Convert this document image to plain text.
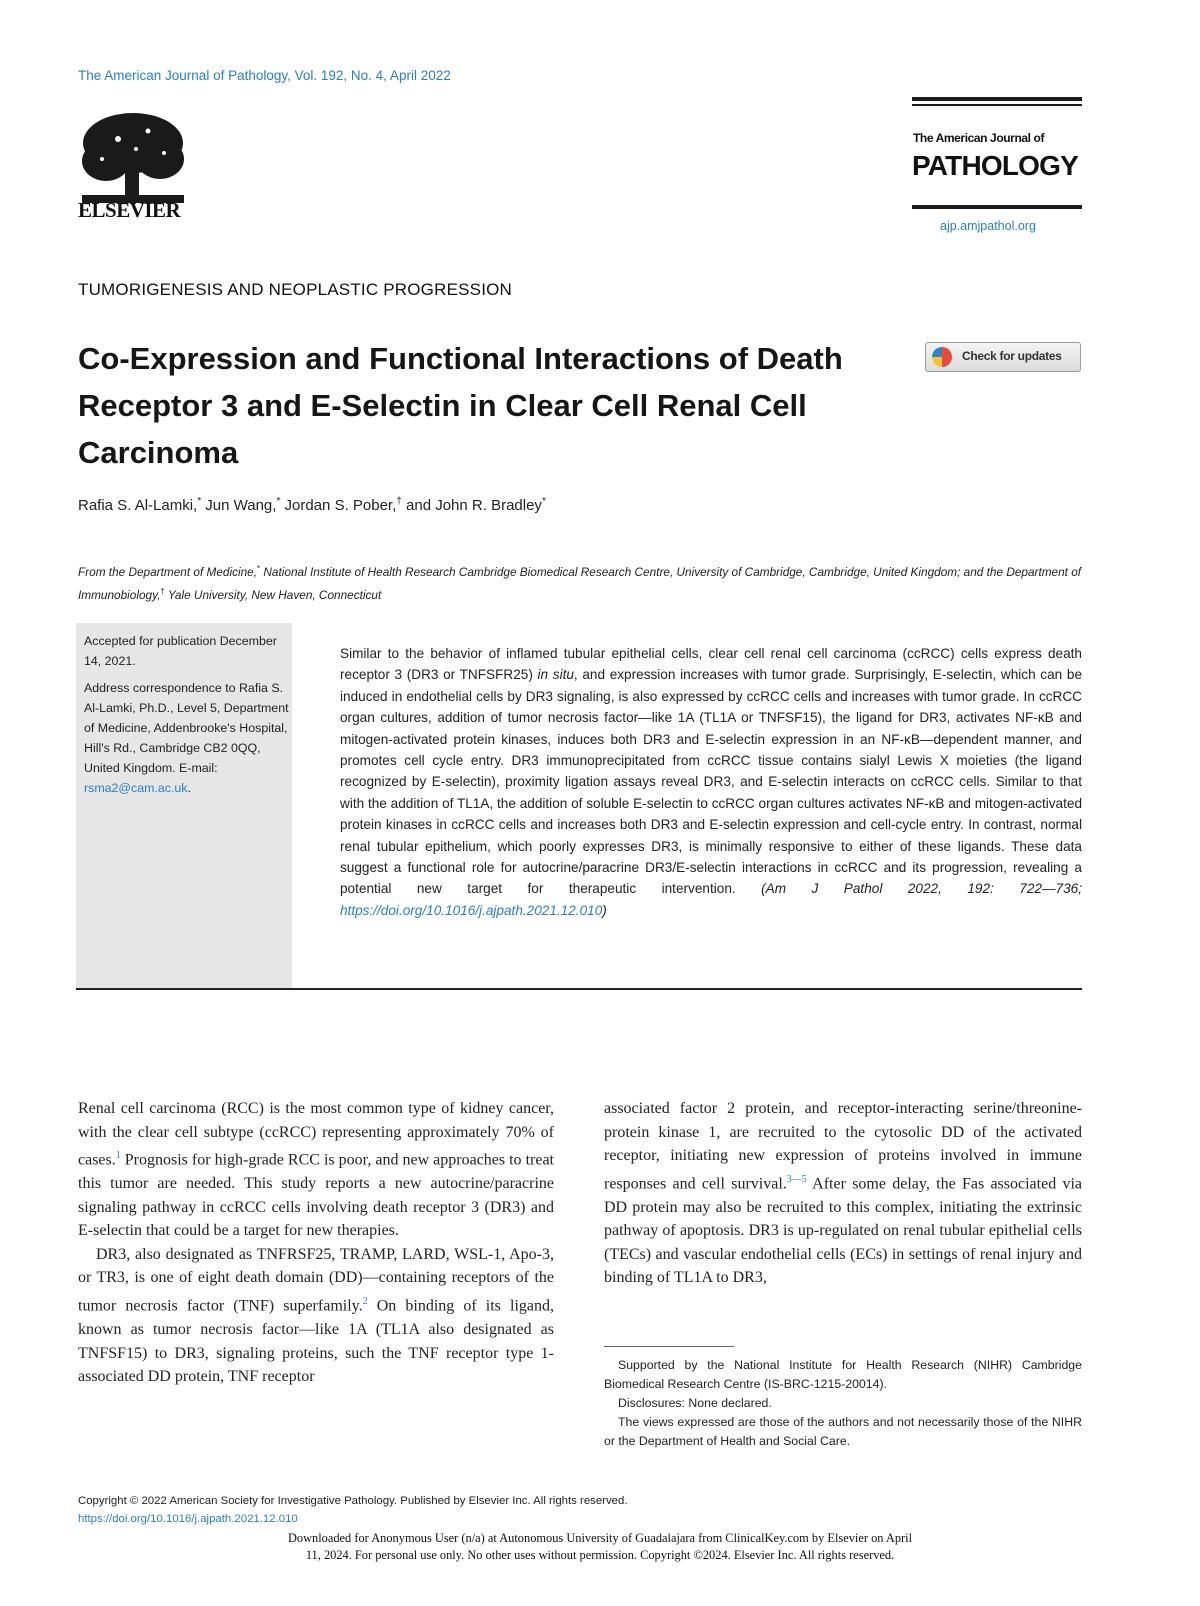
The American Journal of Pathology, Vol. 192, No. 4, April 2022
ELSEVIER
The American Journal of
PATHOLOGY
ajp.amjpathol.org
TUMORIGENESIS AND NEOPLASTIC PROGRESSION
Co-Expression and Functional Interactions of Death Receptor 3 and E-Selectin in Clear Cell Renal Cell Carcinoma
Check for updates
Rafia S. Al-Lamki,* Jun Wang,* Jordan S. Pober,† and John R. Bradley*
From the Department of Medicine,* National Institute of Health Research Cambridge Biomedical Research Centre, University of Cambridge, Cambridge, United Kingdom; and the Department of Immunobiology,† Yale University, New Haven, Connecticut
Accepted for publication December 14, 2021.
Address correspondence to Rafia S. Al-Lamki, Ph.D., Level 5, Department of Medicine, Addenbrooke's Hospital, Hill's Rd., Cambridge CB2 0QQ, United Kingdom. E-mail: rsma2@cam.ac.uk.
Similar to the behavior of inflamed tubular epithelial cells, clear cell renal cell carcinoma (ccRCC) cells express death receptor 3 (DR3 or TNFSFR25) in situ, and expression increases with tumor grade. Surprisingly, E-selectin, which can be induced in endothelial cells by DR3 signaling, is also expressed by ccRCC cells and increases with tumor grade. In ccRCC organ cultures, addition of tumor necrosis factor—like 1A (TL1A or TNFSF15), the ligand for DR3, activates NF-κB and mitogen-activated protein kinases, induces both DR3 and E-selectin expression in an NF-κB—dependent manner, and promotes cell cycle entry. DR3 immunoprecipitated from ccRCC tissue contains sialyl Lewis X moieties (the ligand recognized by E-selectin), proximity ligation assays reveal DR3, and E-selectin interacts on ccRCC cells. Similar to that with the addition of TL1A, the addition of soluble E-selectin to ccRCC organ cultures activates NF-κB and mitogen-activated protein kinases in ccRCC cells and increases both DR3 and E-selectin expression and cell-cycle entry. In contrast, normal renal tubular epithelium, which poorly expresses DR3, is minimally responsive to either of these ligands. These data suggest a functional role for autocrine/paracrine DR3/E-selectin interactions in ccRCC and its progression, revealing a potential new target for therapeutic intervention. (Am J Pathol 2022, 192: 722—736; https://doi.org/10.1016/j.ajpath.2021.12.010)

Renal cell carcinoma (RCC) is the most common type of kidney cancer, with the clear cell subtype (ccRCC) representing approximately 70% of cases.$^1$ Prognosis for high-grade RCC is poor, and new approaches to treat this tumor are needed. This study reports a new autocrine/paracrine signaling pathway in ccRCC cells involving death receptor 3 (DR3) and E-selectin that could be a target for new therapies.

DR3, also designated as TNFRSF25, TRAMP, LARD, WSL-1, Apo-3, or TR3, is one of eight death domain (DD)—containing receptors of the tumor necrosis factor (TNF) superfamily.$^2$ On binding of its ligand, known as tumor necrosis factor—like 1A (TL1A also designated as TNFSF15) to DR3, signaling proteins, such the TNF receptor type 1-associated DD protein, TNF receptor

associated factor 2 protein, and receptor-interacting serine/threonine-protein kinase 1, are recruited to the cytosolic DD of the activated receptor, initiating new expression of proteins involved in immune responses and cell survival.$^{3—5}$ After some delay, the Fas associated via DD protein may also be recruited to this complex, initiating the extrinsic pathway of apoptosis. DR3 is up-regulated on renal tubular epithelial cells (TECs) and vascular endothelial cells (ECs) in settings of renal injury and binding of TL1A to DR3,

Supported by the National Institute for Health Research (NIHR) Cambridge Biomedical Research Centre (IS-BRC-1215-20014).

Disclosures: None declared.

The views expressed are those of the authors and not necessarily those of the NIHR or the Department of Health and Social Care.

Copyright © 2022 American Society for Investigative Pathology. Published by Elsevier Inc. All rights reserved.
https://doi.org/10.1016/j.ajpath.2021.12.010
Downloaded for Anonymous User (n/a) at Autonomous University of Guadalajara from ClinicalKey.com by Elsevier on April
11, 2024. For personal use only. No other uses without permission. Copyright ©2024. Elsevier Inc. All rights reserved.
